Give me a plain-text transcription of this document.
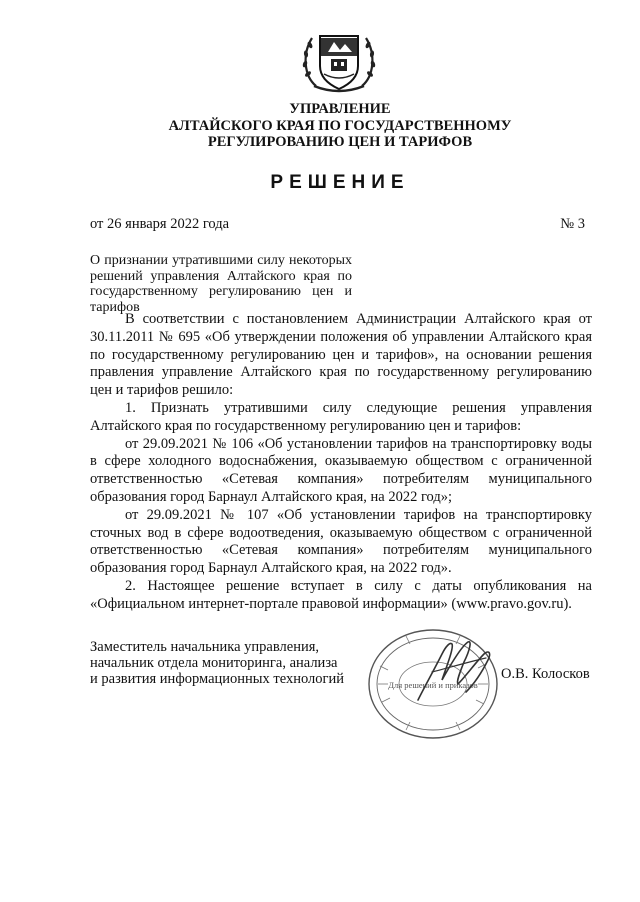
УПРАВЛЕНИЕ
АЛТАЙСКОГО КРАЯ ПО ГОСУДАРСТВЕННОМУ
РЕГУЛИРОВАНИЮ ЦЕН И ТАРИФОВ
РЕШЕНИЕ
от 26 января 2022 года	№ 3
О признании утратившими силу некоторых решений управления Алтайского края по государственному регулированию цен и тарифов

В соответствии с постановлением Администрации Алтайского края от 30.11.2011 № 695 «Об утверждении положения об управлении Алтайского края по государственному регулированию цен и тарифов», на основании решения правления управление Алтайского края по государственному регулированию цен и тарифов решило:

1. Признать утратившими силу следующие решения управления Алтайского края по государственному регулированию цен и тарифов:

от 29.09.2021 № 106 «Об установлении тарифов на транспортировку воды в сфере холодного водоснабжения, оказываемую обществом с ограниченной ответственностью «Сетевая компания» потребителям муниципального образования город Барнаул Алтайского края, на 2022 год»;

от 29.09.2021 № 107 «Об установлении тарифов на транспортировку сточных вод в сфере водоотведения, оказываемую обществом с ограниченной ответственностью «Сетевая компания» потребителям муниципального образования город Барнаул Алтайского края, на 2022 год».

2. Настоящее решение вступает в силу с даты опубликования на «Официальном интернет-портале правовой информации» (www.pravo.gov.ru).

Заместитель начальника управления,
начальник отдела мониторинга, анализа
и развития информационных технологий	Для решений и приказов
О.В. Колосков
